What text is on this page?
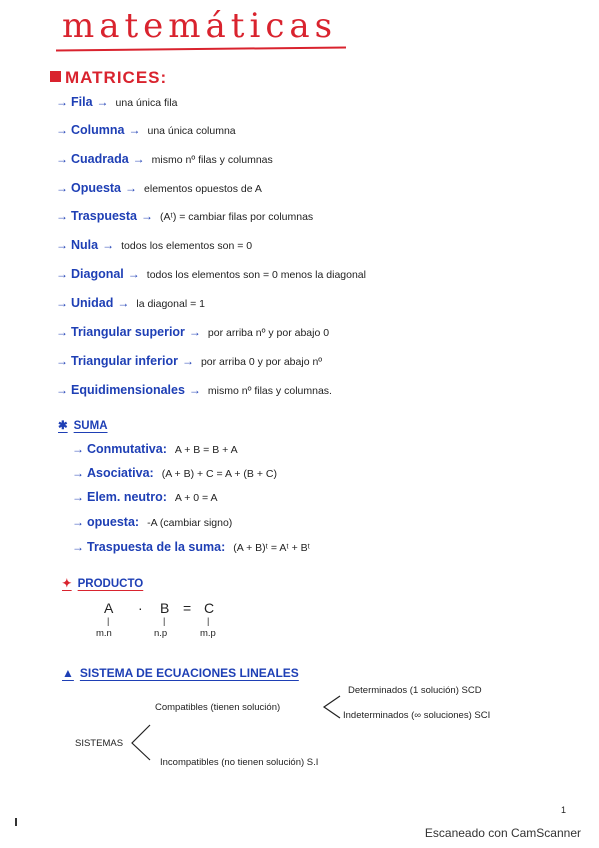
matemáticas
MATRICES:
→ Fila → una única fila
→ Columna → una única columna
→ Cuadrada → mismo nº filas y columnas
→ Opuesta → elementos opuestos de A
→ Traspuesta → (Aᵗ) = cambiar filas por columnas
→ Nula → todos los elementos son = 0
→ Diagonal → todos los elementos son = 0 menos la diagonal
→ Unidad → la diagonal = 1
→ Triangular superior → por arriba nº y por abajo 0
→ Triangular inferior → por arriba 0 y por abajo nº
→ Equidimensionales → mismo nº filas y columnas.
✱ SUMA
→ Conmutativa: A + B = B + A
→ Asociativa: (A + B) + C = A + (B + C)
→ Elem. neutro: A + 0 = A
→ opuesta: -A (cambiar signo)
→ Traspuesta de la suma: (A + B)ᵗ = Aᵗ + Bᵗ
✦ PRODUCTO
A · B = C
|	|	|
m.n	n.p	m.p
▲ SISTEMA DE ECUACIONES LINEALES
Determinados (1 solución) SCD
Compatibles (tienen solución)
Indeterminados (∞ soluciones) SCI
SISTEMAS
Incompatibles (no tienen solución) S.I
1
Escaneado con CamScanner
